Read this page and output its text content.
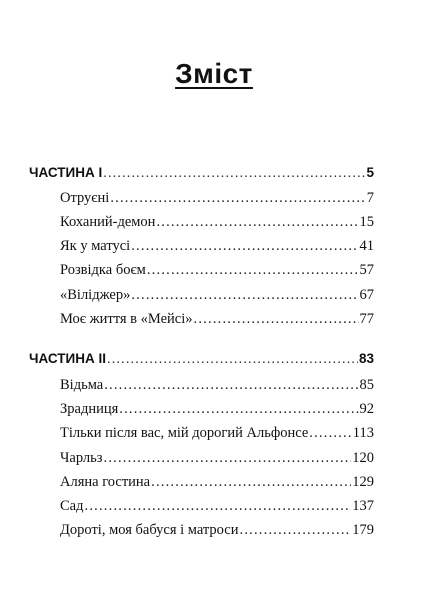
Зміст
ЧАСТИНА І .....	5
Отруєні .....	7
Коханий-демон .....	15
Як у матусі .....	41
Розвідка боєм .....	57
«Віліджер» .....	67
Моє життя в «Мейсі» .....	77
ЧАСТИНА ІІ .....	83
Відьма .....	85
Зрадниця .....	92
Тільки після вас, мій дорогий Альфонсе .....	113
Чарльз .....	120
Аляна гостина .....	129
Сад .....	137
Дороті, моя бабуся і матроси .....	179
